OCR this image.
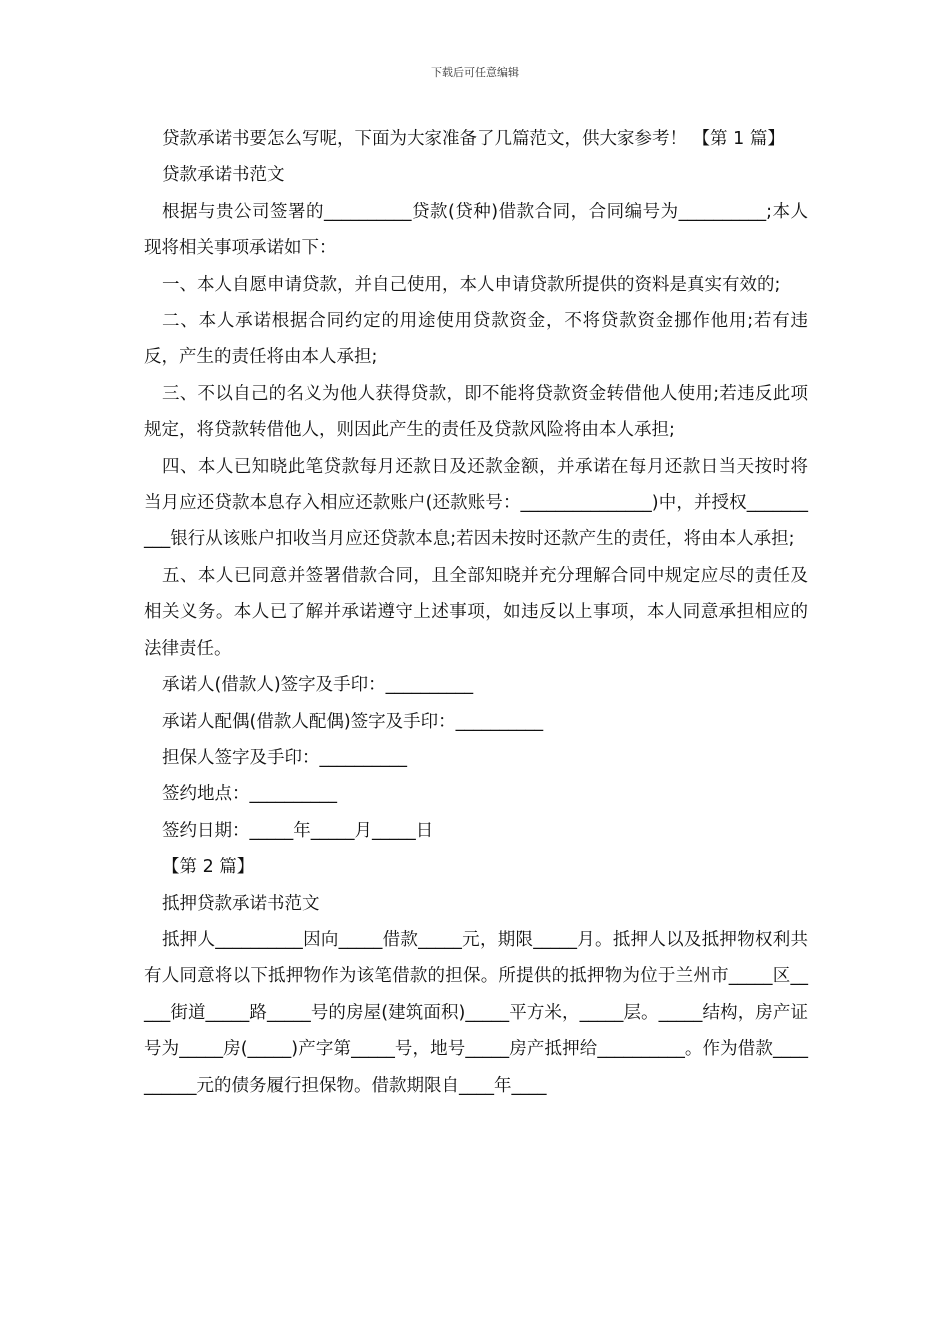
下载后可任意编辑

贷款承诺书要怎么写呢，下面为大家准备了几篇范文，供大家参考！ 【第 1 篇】

贷款承诺书范文

根据与贵公司签署的__________贷款(贷种)借款合同，合同编号为__________;本人现将相关事项承诺如下：

一、本人自愿申请贷款，并自己使用，本人申请贷款所提供的资料是真实有效的;

二、本人承诺根据合同约定的用途使用贷款资金，不将贷款资金挪作他用;若有违反，产生的责任将由本人承担;

三、不以自己的名义为他人获得贷款，即不能将贷款资金转借他人使用;若违反此项规定，将贷款转借他人，则因此产生的责任及贷款风险将由本人承担;

四、本人已知晓此笔贷款每月还款日及还款金额，并承诺在每月还款日当天按时将当月应还贷款本息存入相应还款账户(还款账号：_______________)中，并授权__________银行从该账户扣收当月应还贷款本息;若因未按时还款产生的责任，将由本人承担;

五、本人已同意并签署借款合同，且全部知晓并充分理解合同中规定应尽的责任及相关义务。本人已了解并承诺遵守上述事项，如违反以上事项，本人同意承担相应的法律责任。

承诺人(借款人)签字及手印：__________

承诺人配偶(借款人配偶)签字及手印：__________

担保人签字及手印：__________

签约地点：__________

签约日期：_____年_____月_____日

【第 2 篇】

抵押贷款承诺书范文

抵押人__________因向_____借款_____元，期限_____月。抵押人以及抵押物权利共有人同意将以下抵押物作为该笔借款的担保。所提供的抵押物为位于兰州市_____区_____街道_____路_____号的房屋(建筑面积)_____平方米，_____层。_____结构，房产证号为_____房(_____)产字第_____号，地号_____房产抵押给__________。作为借款__________元的债务履行担保物。借款期限自____年____
